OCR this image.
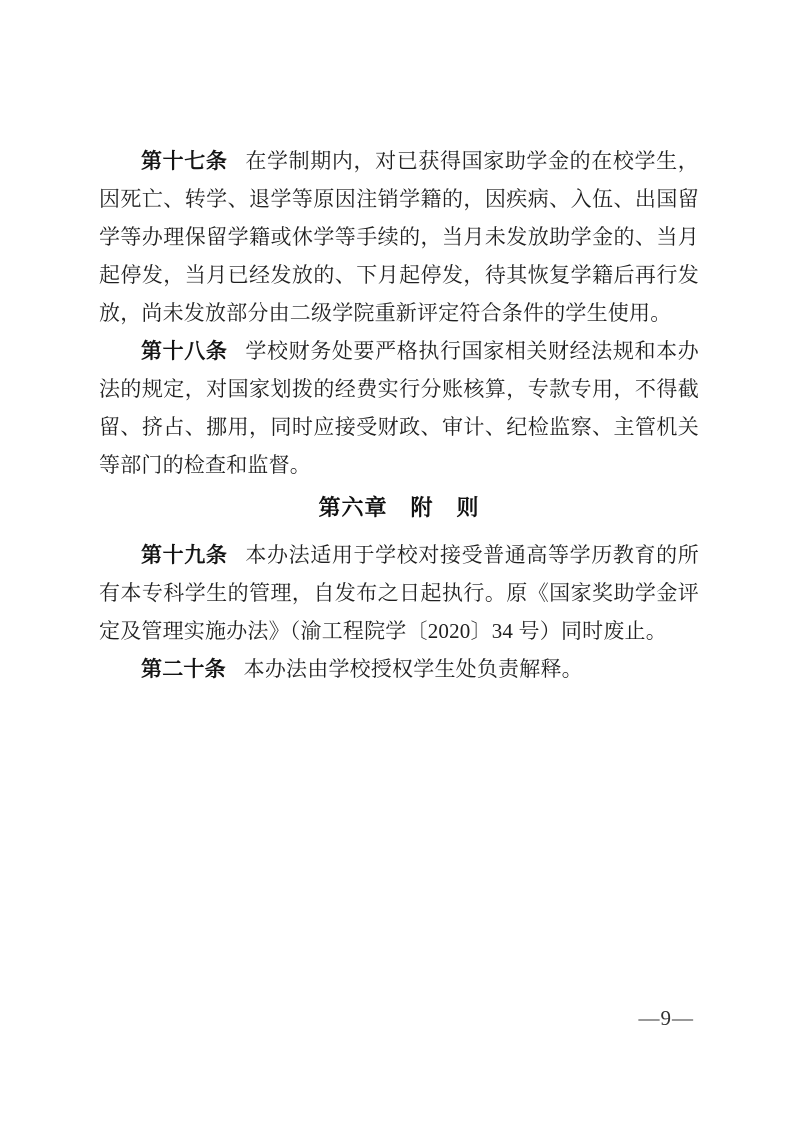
第十七条 在学制期内，对已获得国家助学金的在校学生，因死亡、转学、退学等原因注销学籍的，因疾病、入伍、出国留学等办理保留学籍或休学等手续的，当月未发放助学金的、当月起停发，当月已经发放的、下月起停发，待其恢复学籍后再行发放，尚未发放部分由二级学院重新评定符合条件的学生使用。

第十八条 学校财务处要严格执行国家相关财经法规和本办法的规定，对国家划拨的经费实行分账核算，专款专用，不得截留、挤占、挪用，同时应接受财政、审计、纪检监察、主管机关等部门的检查和监督。

第六章　附　则

第十九条 本办法适用于学校对接受普通高等学历教育的所有本专科学生的管理，自发布之日起执行。原《国家奖助学金评定及管理实施办法》（渝工程院学〔2020〕34 号）同时废止。

第二十条 本办法由学校授权学生处负责解释。

—9—
